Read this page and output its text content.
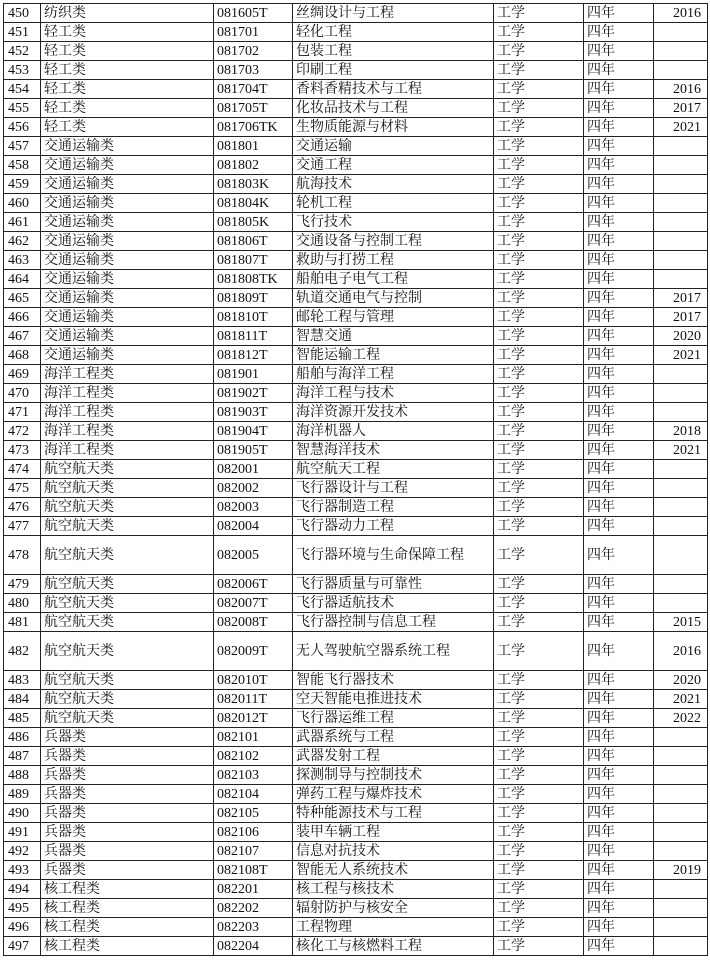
450	纺织类	081605T	丝绸设计与工程	工学	四年	2016
451	轻工类	081701	轻化工程	工学	四年	
452	轻工类	081702	包装工程	工学	四年	
453	轻工类	081703	印刷工程	工学	四年	
454	轻工类	081704T	香料香精技术与工程	工学	四年	2016
455	轻工类	081705T	化妆品技术与工程	工学	四年	2017
456	轻工类	081706TK	生物质能源与材料	工学	四年	2021
457	交通运输类	081801	交通运输	工学	四年	
458	交通运输类	081802	交通工程	工学	四年	
459	交通运输类	081803K	航海技术	工学	四年	
460	交通运输类	081804K	轮机工程	工学	四年	
461	交通运输类	081805K	飞行技术	工学	四年	
462	交通运输类	081806T	交通设备与控制工程	工学	四年	
463	交通运输类	081807T	救助与打捞工程	工学	四年	
464	交通运输类	081808TK	船舶电子电气工程	工学	四年	
465	交通运输类	081809T	轨道交通电气与控制	工学	四年	2017
466	交通运输类	081810T	邮轮工程与管理	工学	四年	2017
467	交通运输类	081811T	智慧交通	工学	四年	2020
468	交通运输类	081812T	智能运输工程	工学	四年	2021
469	海洋工程类	081901	船舶与海洋工程	工学	四年	
470	海洋工程类	081902T	海洋工程与技术	工学	四年	
471	海洋工程类	081903T	海洋资源开发技术	工学	四年	
472	海洋工程类	081904T	海洋机器人	工学	四年	2018
473	海洋工程类	081905T	智慧海洋技术	工学	四年	2021
474	航空航天类	082001	航空航天工程	工学	四年	
475	航空航天类	082002	飞行器设计与工程	工学	四年	
476	航空航天类	082003	飞行器制造工程	工学	四年	
477	航空航天类	082004	飞行器动力工程	工学	四年	
478	航空航天类	082005	飞行器环境与生命保障工程	工学	四年	
479	航空航天类	082006T	飞行器质量与可靠性	工学	四年	
480	航空航天类	082007T	飞行器适航技术	工学	四年	
481	航空航天类	082008T	飞行器控制与信息工程	工学	四年	2015
482	航空航天类	082009T	无人驾驶航空器系统工程	工学	四年	2016
483	航空航天类	082010T	智能飞行器技术	工学	四年	2020
484	航空航天类	082011T	空天智能电推进技术	工学	四年	2021
485	航空航天类	082012T	飞行器运维工程	工学	四年	2022
486	兵器类	082101	武器系统与工程	工学	四年	
487	兵器类	082102	武器发射工程	工学	四年	
488	兵器类	082103	探测制导与控制技术	工学	四年	
489	兵器类	082104	弹药工程与爆炸技术	工学	四年	
490	兵器类	082105	特种能源技术与工程	工学	四年	
491	兵器类	082106	装甲车辆工程	工学	四年	
492	兵器类	082107	信息对抗技术	工学	四年	
493	兵器类	082108T	智能无人系统技术	工学	四年	2019
494	核工程类	082201	核工程与核技术	工学	四年	
495	核工程类	082202	辐射防护与核安全	工学	四年	
496	核工程类	082203	工程物理	工学	四年	
497	核工程类	082204	核化工与核燃料工程	工学	四年	
